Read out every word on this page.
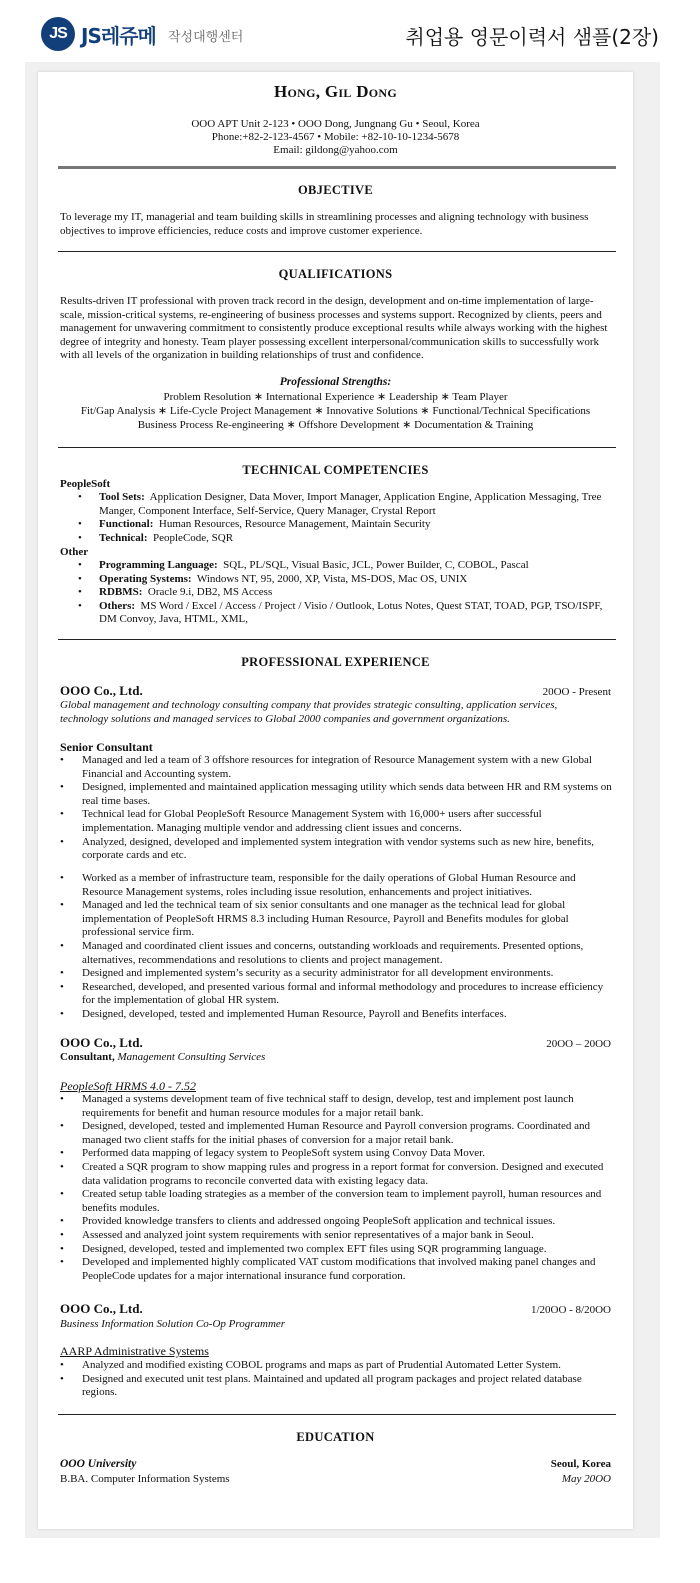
JS JS레쥬메 작성대행센터	취업용 영문이력서 샘플(2장)
Hong, Gil Dong
OOO APT Unit 2-123 • OOO Dong, Jungnang Gu • Seoul, Korea
Phone:+82-2-123-4567 • Mobile: +82-10-10-1234-5678
Email: gildong@yahoo.com
OBJECTIVE
To leverage my IT, managerial and team building skills in streamlining processes and aligning technology with business objectives to improve efficiencies, reduce costs and improve customer experience.
QUALIFICATIONS
Results-driven IT professional with proven track record in the design, development and on-time implementation of large-scale, mission-critical systems, re-engineering of business processes and systems support. Recognized by clients, peers and management for unwavering commitment to consistently produce exceptional results while always working with the highest degree of integrity and honesty. Team player possessing excellent interpersonal/communication skills to successfully work with all levels of the organization in building relationships of trust and confidence.
Professional Strengths:
Problem Resolution ∗ International Experience ∗ Leadership ∗ Team Player
Fit/Gap Analysis ∗ Life-Cycle Project Management ∗ Innovative Solutions ∗ Functional/Technical Specifications
Business Process Re-engineering ∗ Offshore Development ∗ Documentation & Training
TECHNICAL COMPETENCIES
PeopleSoft
• Tool Sets: Application Designer, Data Mover, Import Manager, Application Engine, Application Messaging, Tree Manger, Component Interface, Self-Service, Query Manager, Crystal Report
• Functional: Human Resources, Resource Management, Maintain Security
• Technical: PeopleCode, SQR
Other
• Programming Language: SQL, PL/SQL, Visual Basic, JCL, Power Builder, C, COBOL, Pascal
• Operating Systems: Windows NT, 95, 2000, XP, Vista, MS-DOS, Mac OS, UNIX
• RDBMS: Oracle 9.i, DB2, MS Access
• Others: MS Word / Excel / Access / Project / Visio / Outlook, Lotus Notes, Quest STAT, TOAD, PGP, TSO/ISPF, DM Convoy, Java, HTML, XML,
PROFESSIONAL EXPERIENCE
OOO Co., Ltd.	20OO - Present
Global management and technology consulting company that provides strategic consulting, application services, technology solutions and managed services to Global 2000 companies and government organizations.
Senior Consultant
• Managed and led a team of 3 offshore resources for integration of Resource Management system with a new Global Financial and Accounting system.
• Designed, implemented and maintained application messaging utility which sends data between HR and RM systems on real time bases.
• Technical lead for Global PeopleSoft Resource Management System with 16,000+ users after successful implementation. Managing multiple vendor and addressing client issues and concerns.
• Analyzed, designed, developed and implemented system integration with vendor systems such as new hire, benefits, corporate cards and etc.
• Worked as a member of infrastructure team, responsible for the daily operations of Global Human Resource and Resource Management systems, roles including issue resolution, enhancements and project initiatives.
• Managed and led the technical team of six senior consultants and one manager as the technical lead for global implementation of PeopleSoft HRMS 8.3 including Human Resource, Payroll and Benefits modules for global professional service firm.
• Managed and coordinated client issues and concerns, outstanding workloads and requirements. Presented options, alternatives, recommendations and resolutions to clients and project management.
• Designed and implemented system’s security as a security administrator for all development environments.
• Researched, developed, and presented various formal and informal methodology and procedures to increase efficiency for the implementation of global HR system.
• Designed, developed, tested and implemented Human Resource, Payroll and Benefits interfaces.
OOO Co., Ltd.	20OO – 20OO
Consultant, Management Consulting Services
PeopleSoft HRMS 4.0 - 7.52
• Managed a systems development team of five technical staff to design, develop, test and implement post launch requirements for benefit and human resource modules for a major retail bank.
• Designed, developed, tested and implemented Human Resource and Payroll conversion programs. Coordinated and managed two client staffs for the initial phases of conversion for a major retail bank.
• Performed data mapping of legacy system to PeopleSoft system using Convoy Data Mover.
• Created a SQR program to show mapping rules and progress in a report format for conversion. Designed and executed data validation programs to reconcile converted data with existing legacy data.
• Created setup table loading strategies as a member of the conversion team to implement payroll, human resources and benefits modules.
• Provided knowledge transfers to clients and addressed ongoing PeopleSoft application and technical issues.
• Assessed and analyzed joint system requirements with senior representatives of a major bank in Seoul.
• Designed, developed, tested and implemented two complex EFT files using SQR programming language.
• Developed and implemented highly complicated VAT custom modifications that involved making panel changes and PeopleCode updates for a major international insurance fund corporation.
OOO Co., Ltd.	1/20OO - 8/20OO
Business Information Solution Co-Op Programmer
AARP Administrative Systems
• Analyzed and modified existing COBOL programs and maps as part of Prudential Automated Letter System.
• Designed and executed unit test plans. Maintained and updated all program packages and project related database regions.
EDUCATION
OOO University	Seoul, Korea
B.BA. Computer Information Systems	May 20OO
